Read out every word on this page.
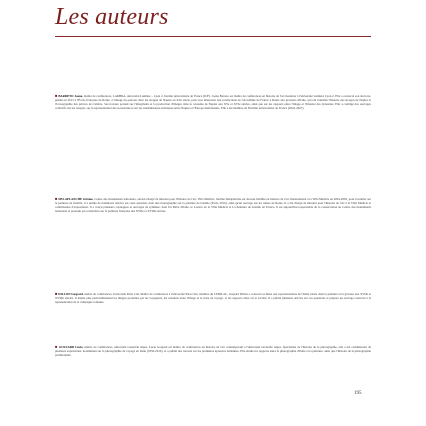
Les auteurs

■ BARRETO Joana, maître de conférences, LARHRA, université Lumière – Lyon 2, Institut universitaire de France (IUF). Joana Barreto est maître de conférences en histoire de l'art moderne à l'université Lumière Lyon 2. Elle a consacré son doctorat, publié en 2013 à l'École française de Rome, à l'image du pouvoir chez les Aragon de Naples au XVe siècle, puis s'est intéressée aux productions de l'Académie de France à Rome aux graveurs d'Italie, qui ont transmis l'histoire des Aragon de Naples et l'iconographie des princes de Calabre. Ses travaux portent sur l'imaginaire et la production d'images dans le royaume de Naples aux XVe et XVIe siècles, ainsi que sur les rapports entre l'image et l'histoire des dynasties. Elle a codirigé des ouvrages collectifs sur les Aragon, sur la représentation des souverains et sur les transmissions artistiques entre Naples et l'Europe méridionale. Elle a été membre de l'Institut universitaire de France (2022-2027).

■ DELAPLANCHE Jérôme, Centre des monuments nationaux, ancien chargé de mission pour l'histoire de l'art, Villa Médicis. Jérôme Delaplanche est docteur habilité en histoire de l'art. Pensionnaire à la Villa Médicis en 2004-2005, pour travailler sur la peinture de bataille, il a publié de nombreux articles sur cette question, dont une monographie sur la peinture de bataille (Paris, 2016), ainsi qu'un ouvrage sur les ruines de Rome. Il a été chargé de mission pour l'histoire de l'art à la Villa Médicis et commissaire d'expositions. Il a conçu plusieurs catalogues et ouvrages de synthèse, dont Un Rêve d'Italie, le Louvre de la Villa Médicis et La Peinture de bataille en France. Il est aujourd'hui responsable de la conservation au Centre des monuments nationaux et poursuit ses recherches sur la peinture française des XVIIe et XVIIIe siècles.

■ DILLON Gaspard, maître de conférences, Université Paris Cité. Maître de conférences à l'université Paris Cité, membre du CERILAC, Gaspard Dillon a consacré sa thèse aux représentations de l'Italie rurale dans la peinture et la gravure aux XVIIe et XVIIIe siècles. Il étudie plus particulièrement les images produites par les voyageurs, les relations entre l'image et le texte de voyage, et les rapports entre art et société. Il a publié plusieurs articles sur ces questions et prépare un ouvrage consacré à la représentation de la campagne romaine.

■ GOUJARD Lucie, maître de conférences, université Grenoble Alpes. Lucie Goujard est maître de conférences en histoire de l'art contemporain à l'université Grenoble Alpes. Spécialiste de l'histoire de la photographie, elle a été commissaire de plusieurs expositions, notamment sur la photographie de voyage en Italie (1850-2010), et a publié des travaux sur les premières épreuves italiennes. Elle étudie les rapports entre la photographie d'Italie et la peinture, ainsi que l'histoire de la photographie patrimoniale.

195
